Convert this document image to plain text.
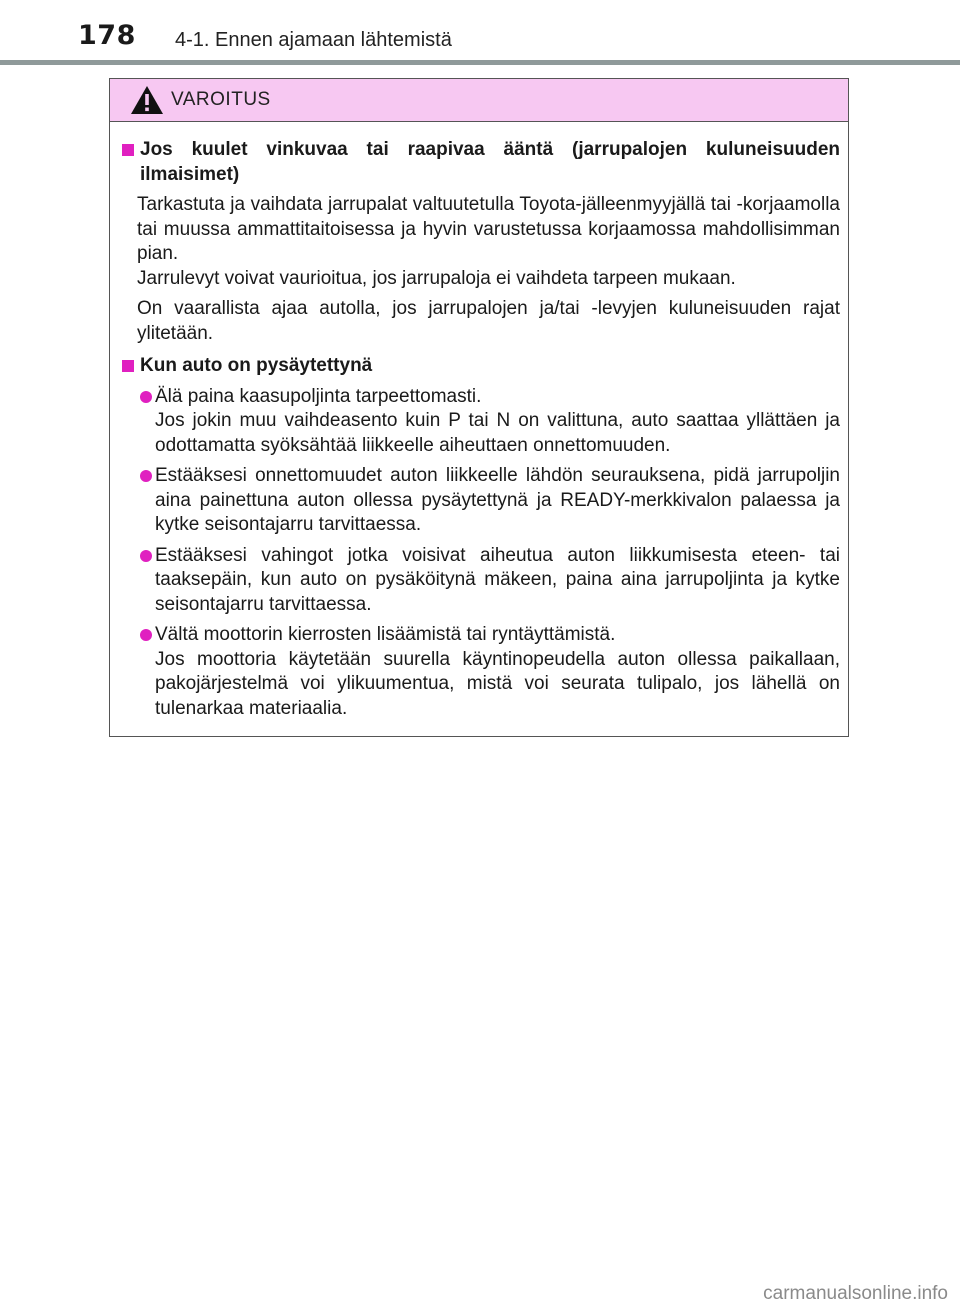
178 4-1. Ennen ajamaan lähtemistä
VAROITUS
Jos kuulet vinkuvaa tai raapivaa ääntä (jarrupalojen kuluneisuuden ilmaisimet)
Tarkastuta ja vaihdata jarrupalat valtuutetulla Toyota-jälleenmyyjällä tai -korjaamolla tai muussa ammattitaitoisessa ja hyvin varustetussa korjaamossa mahdollisimman pian.
Jarrulevyt voivat vaurioitua, jos jarrupaloja ei vaihdeta tarpeen mukaan.
On vaarallista ajaa autolla, jos jarrupalojen ja/tai -levyjen kuluneisuuden rajat ylitetään.
Kun auto on pysäytettynä
Älä paina kaasupoljinta tarpeettomasti.
Jos jokin muu vaihdeasento kuin P tai N on valittuna, auto saattaa yllättäen ja odottamatta syöksähtää liikkeelle aiheuttaen onnettomuuden.
Estääksesi onnettomuudet auton liikkeelle lähdön seurauksena, pidä jarrupoljin aina painettuna auton ollessa pysäytettynä ja READY-merkkivalon palaessa ja kytke seisontajarru tarvittaessa.
Estääksesi vahingot jotka voisivat aiheutua auton liikkumisesta eteen- tai taaksepäin, kun auto on pysäköitynä mäkeen, paina aina jarrupoljinta ja kytke seisontajarru tarvittaessa.
Vältä moottorin kierrosten lisäämistä tai ryntäyttämistä.
Jos moottoria käytetään suurella käyntinopeudella auton ollessa paikallaan, pakojärjestelmä voi ylikuumentua, mistä voi seurata tulipalo, jos lähellä on tulenarkaa materiaalia.
carmanualsonline.info
